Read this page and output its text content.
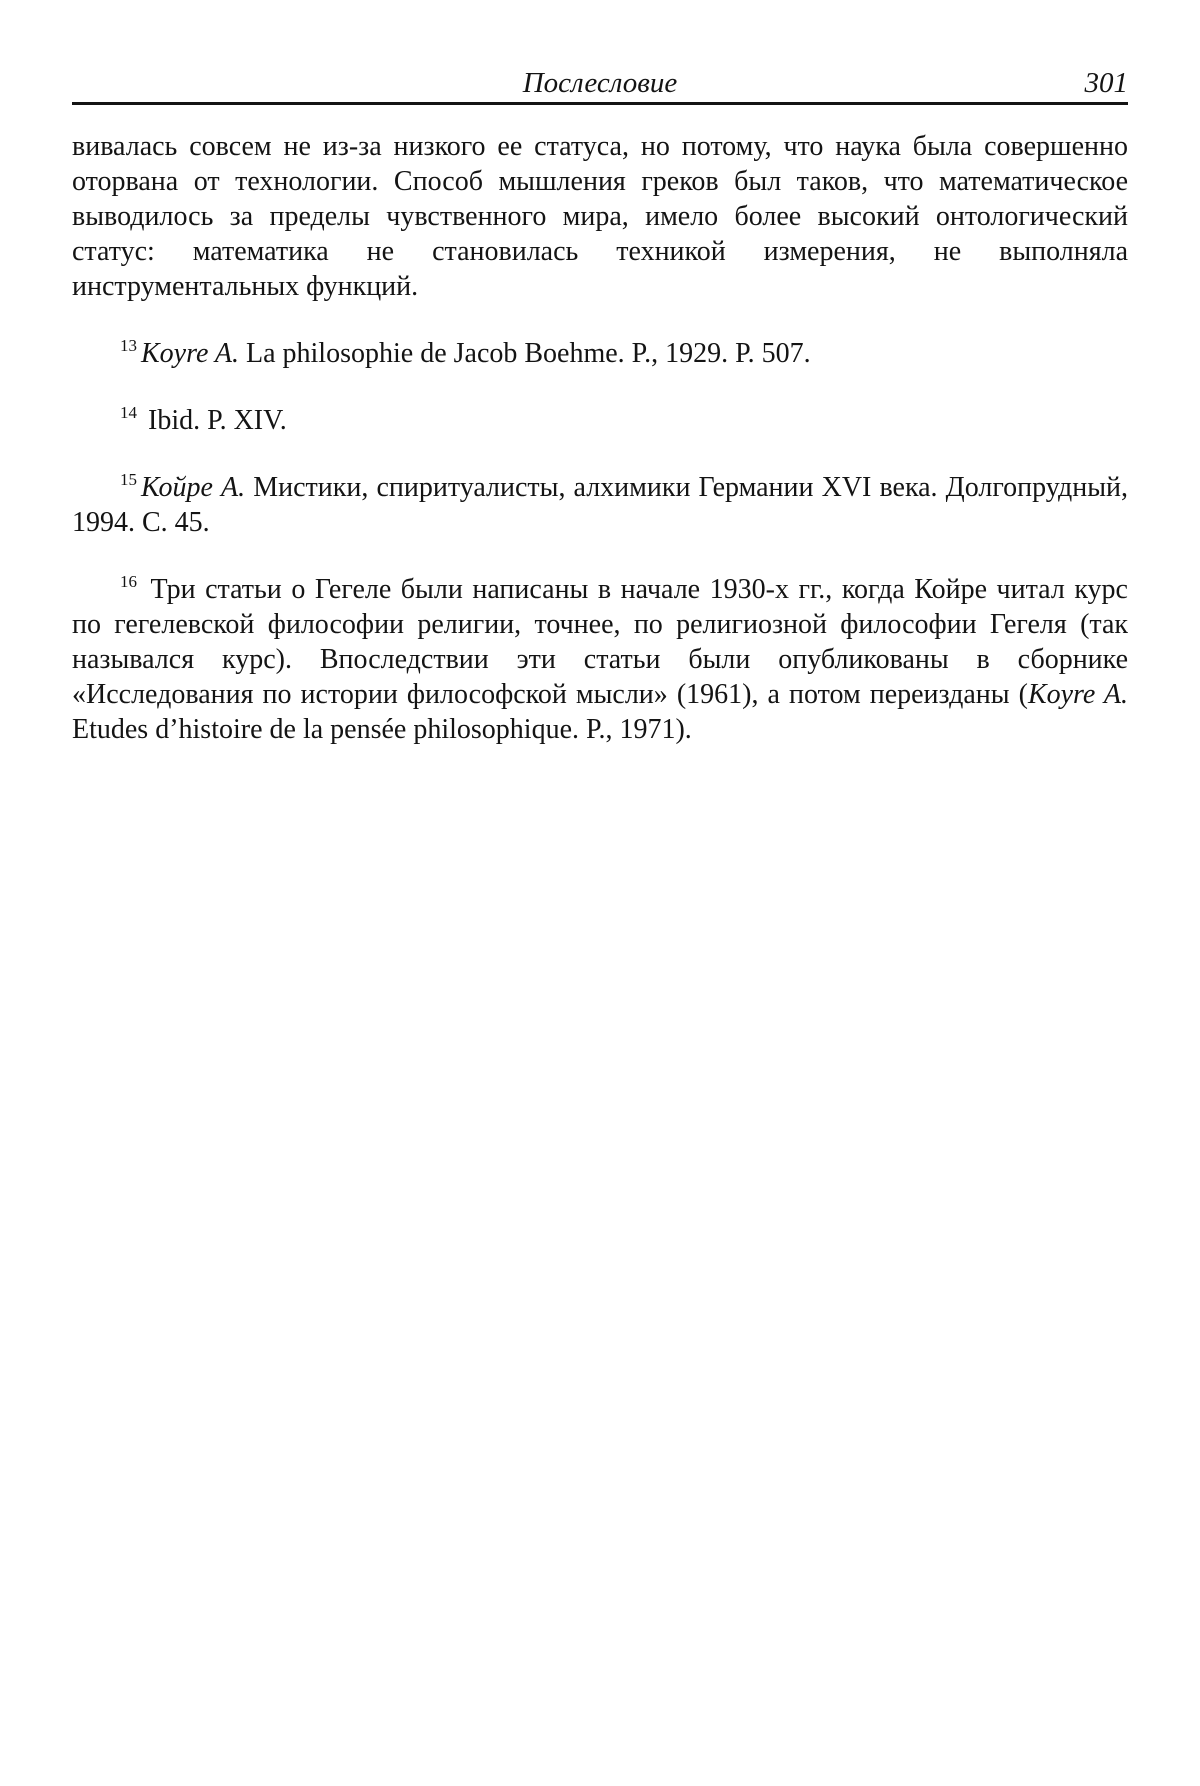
Послесловие	301

вивалась совсем не из-за низкого ее статуса, но потому, что наука была совершенно оторвана от технологии. Способ мышления греков был таков, что математическое выводилось за пределы чувственного мира, имело более высокий онтологический статус: математика не становилась техникой измерения, не выполняла инструментальных функций.

$^{13}$ Koyre A. La philosophie de Jacob Boehme. P., 1929. P. 507.

$^{14}$ Ibid. P. XIV.

$^{15}$ Койре А. Мистики, спиритуалисты, алхимики Германии XVI века. Долгопрудный, 1994. С. 45.

$^{16}$ Три статьи о Гегеле были написаны в начале 1930-х гг., когда Койре читал курс по гегелевской философии религии, точнее, по религиозной философии Гегеля (так назывался курс). Впоследствии эти статьи были опубликованы в сборнике «Исследования по истории философской мысли» (1961), а потом переизданы (Koyre A. Etudes d’histoire de la pensée philosophique. P., 1971).
